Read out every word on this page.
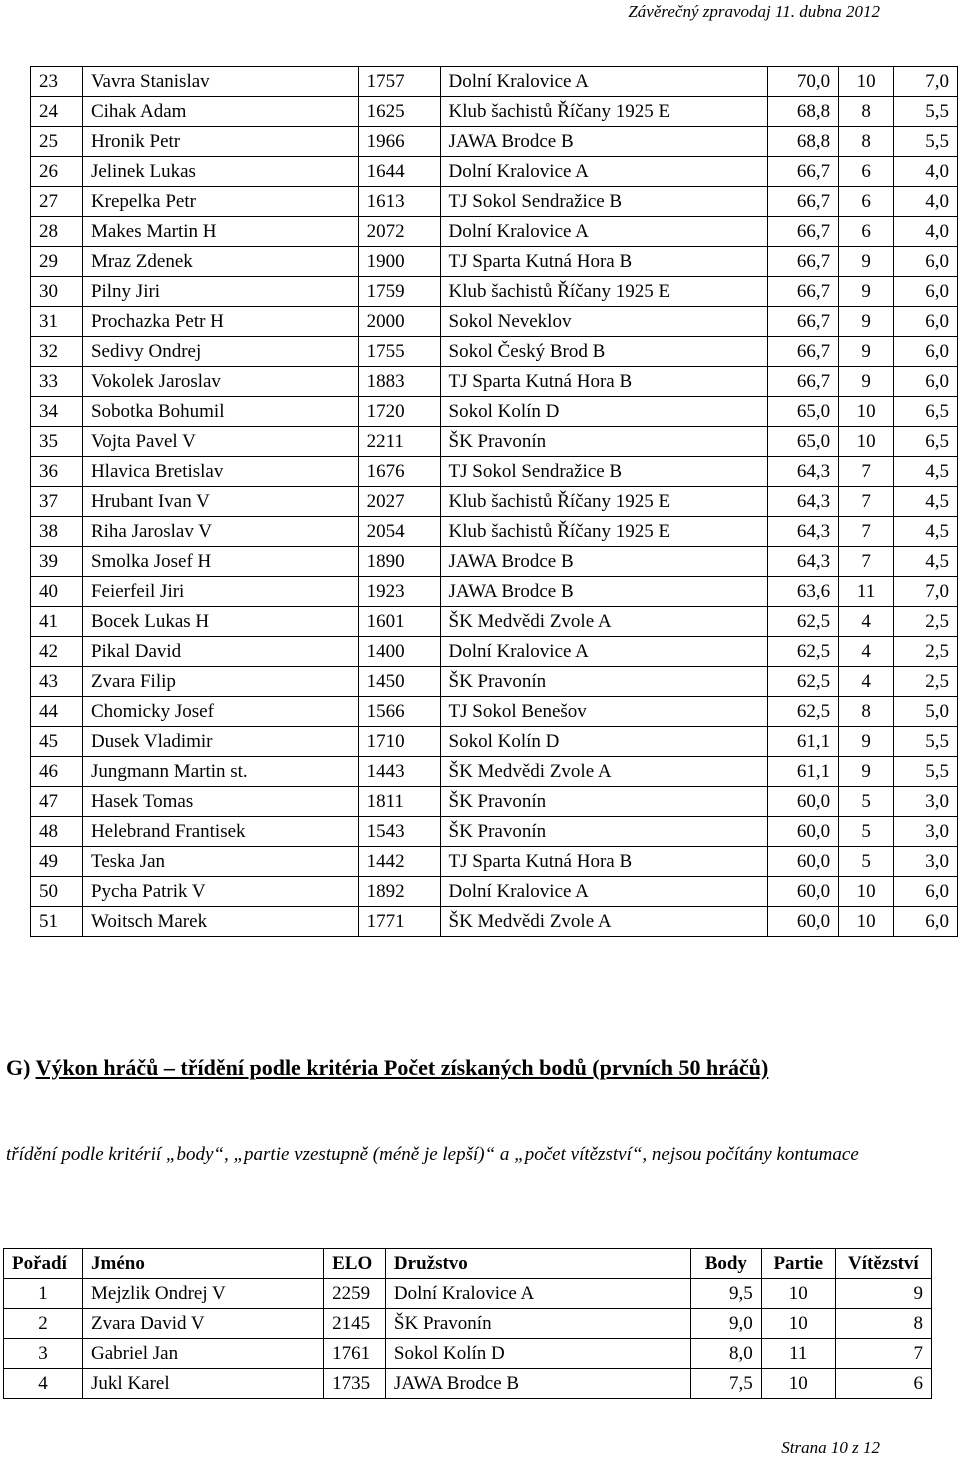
Závěrečný zpravodaj 11. dubna 2012
23	Vavra Stanislav	1757	Dolní Kralovice A	70,0	10	7,0
24	Cihak Adam	1625	Klub šachistů Říčany 1925 E	68,8	8	5,5
25	Hronik Petr	1966	JAWA Brodce B	68,8	8	5,5
26	Jelinek Lukas	1644	Dolní Kralovice A	66,7	6	4,0
27	Krepelka Petr	1613	TJ Sokol Sendražice B	66,7	6	4,0
28	Makes Martin H	2072	Dolní Kralovice A	66,7	6	4,0
29	Mraz Zdenek	1900	TJ Sparta Kutná Hora B	66,7	9	6,0
30	Pilny Jiri	1759	Klub šachistů Říčany 1925 E	66,7	9	6,0
31	Prochazka Petr H	2000	Sokol Neveklov	66,7	9	6,0
32	Sedivy Ondrej	1755	Sokol Český Brod B	66,7	9	6,0
33	Vokolek Jaroslav	1883	TJ Sparta Kutná Hora B	66,7	9	6,0
34	Sobotka Bohumil	1720	Sokol Kolín D	65,0	10	6,5
35	Vojta Pavel V	2211	ŠK Pravonín	65,0	10	6,5
36	Hlavica Bretislav	1676	TJ Sokol Sendražice B	64,3	7	4,5
37	Hrubant Ivan V	2027	Klub šachistů Říčany 1925 E	64,3	7	4,5
38	Riha Jaroslav V	2054	Klub šachistů Říčany 1925 E	64,3	7	4,5
39	Smolka Josef H	1890	JAWA Brodce B	64,3	7	4,5
40	Feierfeil Jiri	1923	JAWA Brodce B	63,6	11	7,0
41	Bocek Lukas H	1601	ŠK Medvědi Zvole A	62,5	4	2,5
42	Pikal David	1400	Dolní Kralovice A	62,5	4	2,5
43	Zvara Filip	1450	ŠK Pravonín	62,5	4	2,5
44	Chomicky Josef	1566	TJ Sokol Benešov	62,5	8	5,0
45	Dusek Vladimir	1710	Sokol Kolín D	61,1	9	5,5
46	Jungmann Martin st.	1443	ŠK Medvědi Zvole A	61,1	9	5,5
47	Hasek Tomas	1811	ŠK Pravonín	60,0	5	3,0
48	Helebrand Frantisek	1543	ŠK Pravonín	60,0	5	3,0
49	Teska Jan	1442	TJ Sparta Kutná Hora B	60,0	5	3,0
50	Pycha Patrik V	1892	Dolní Kralovice A	60,0	10	6,0
51	Woitsch Marek	1771	ŠK Medvědi Zvole A	60,0	10	6,0
G) Výkon hráčů – třídění podle kritéria Počet získaných bodů (prvních 50 hráčů)
třídění podle kritérií „body“, „partie vzestupně (méně je lepší)“ a „počet vítězství“, nejsou počítány kontumace
Pořadí	Jméno	ELO	Družstvo	Body	Partie	Vítězství
1	Mejzlik Ondrej V	2259	Dolní Kralovice A	9,5	10	9
2	Zvara David V	2145	ŠK Pravonín	9,0	10	8
3	Gabriel Jan	1761	Sokol Kolín D	8,0	11	7
4	Jukl Karel	1735	JAWA Brodce B	7,5	10	6
Strana 10 z 12
